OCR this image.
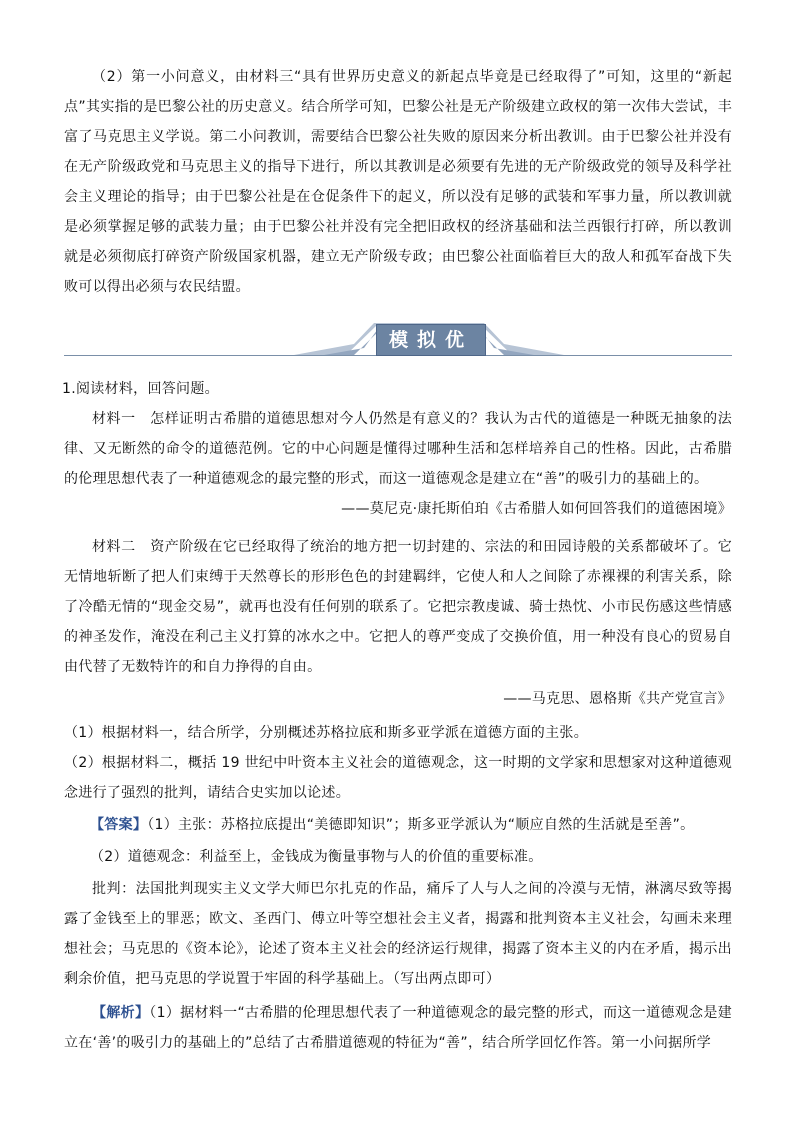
（2）第一小问意义，由材料三“具有世界历史意义的新起点毕竟是已经取得了”可知，这里的“新起点”其实指的是巴黎公社的历史意义。结合所学可知，巴黎公社是无产阶级建立政权的第一次伟大尝试，丰富了马克思主义学说。第二小问教训，需要结合巴黎公社失败的原因来分析出教训。由于巴黎公社并没有在无产阶级政党和马克思主义的指导下进行，所以其教训是必须要有先进的无产阶级政党的领导及科学社会主义理论的指导；由于巴黎公社是在仓促条件下的起义，所以没有足够的武装和军事力量，所以教训就是必须掌握足够的武装力量；由于巴黎公社并没有完全把旧政权的经济基础和法兰西银行打碎，所以教训就是必须彻底打碎资产阶级国家机器，建立无产阶级专政；由巴黎公社面临着巨大的敌人和孤军奋战下失败可以得出必须与农民结盟。

模拟优练

1.阅读材料，回答问题。

材料一　怎样证明古希腊的道德思想对今人仍然是有意义的？我认为古代的道德是一种既无抽象的法律、又无断然的命令的道德范例。它的中心问题是懂得过哪种生活和怎样培养自己的性格。因此，古希腊的伦理思想代表了一种道德观念的最完整的形式，而这一道德观念是建立在“善”的吸引力的基础上的。

——莫尼克·康托斯伯珀《古希腊人如何回答我们的道德困境》

材料二　资产阶级在它已经取得了统治的地方把一切封建的、宗法的和田园诗般的关系都破坏了。它无情地斩断了把人们束缚于天然尊长的形形色色的封建羁绊，它使人和人之间除了赤裸裸的利害关系，除了冷酷无情的“现金交易”，就再也没有任何别的联系了。它把宗教虔诚、骑士热忱、小市民伤感这些情感的神圣发作，淹没在利己主义打算的冰水之中。它把人的尊严变成了交换价值，用一种没有良心的贸易自由代替了无数特许的和自力挣得的自由。

——马克思、恩格斯《共产党宣言》

（1）根据材料一，结合所学，分别概述苏格拉底和斯多亚学派在道德方面的主张。

（2）根据材料二，概括 19 世纪中叶资本主义社会的道德观念，这一时期的文学家和思想家对这种道德观念进行了强烈的批判，请结合史实加以论述。

【答案】（1）主张：苏格拉底提出“美德即知识”；斯多亚学派认为“顺应自然的生活就是至善”。

（2）道德观念：利益至上，金钱成为衡量事物与人的价值的重要标准。

批判：法国批判现实主义文学大师巴尔扎克的作品，痛斥了人与人之间的冷漠与无情，淋漓尽致等揭露了金钱至上的罪恶；欧文、圣西门、傅立叶等空想社会主义者，揭露和批判资本主义社会，勾画未来理想社会；马克思的《资本论》，论述了资本主义社会的经济运行规律，揭露了资本主义的内在矛盾，揭示出剩余价值，把马克思的学说置于牢固的科学基础上。（写出两点即可）

【解析】（1）据材料一“古希腊的伦理思想代表了一种道德观念的最完整的形式，而这一道德观念是建立在‘善’的吸引力的基础上的”总结了古希腊道德观的特征为“善”，结合所学回忆作答。第一小问据所学
